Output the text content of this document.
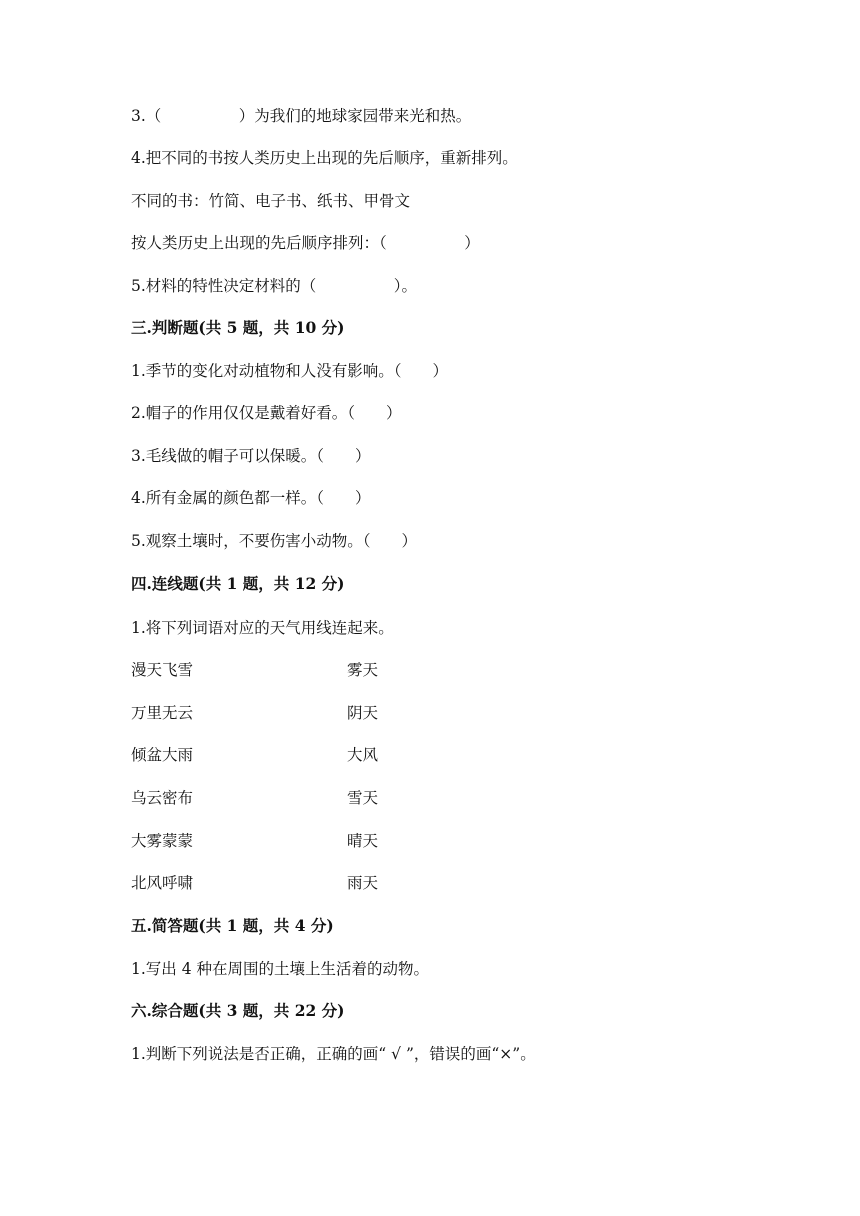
3.（　　　　　）为我们的地球家园带来光和热。
4.把不同的书按人类历史上出现的先后顺序，重新排列。
不同的书：竹简、电子书、纸书、甲骨文
按人类历史上出现的先后顺序排列：（　　　　　）
5.材料的特性决定材料的（　　　　　）。
三.判断题(共 5 题，共 10 分)
1.季节的变化对动植物和人没有影响。（　　）
2.帽子的作用仅仅是戴着好看。（　　）
3.毛线做的帽子可以保暖。（　　）
4.所有金属的颜色都一样。（　　）
5.观察土壤时，不要伤害小动物。（　　）
四.连线题(共 1 题，共 12 分)
1.将下列词语对应的天气用线连起来。
漫天飞雪	雾天
万里无云	阴天
倾盆大雨	大风
乌云密布	雪天
大雾蒙蒙	晴天
北风呼啸	雨天
五.简答题(共 1 题，共 4 分)
1.写出 4 种在周围的土壤上生活着的动物。
六.综合题(共 3 题，共 22 分)
1.判断下列说法是否正确，正确的画“ √ ”，错误的画“×”。
